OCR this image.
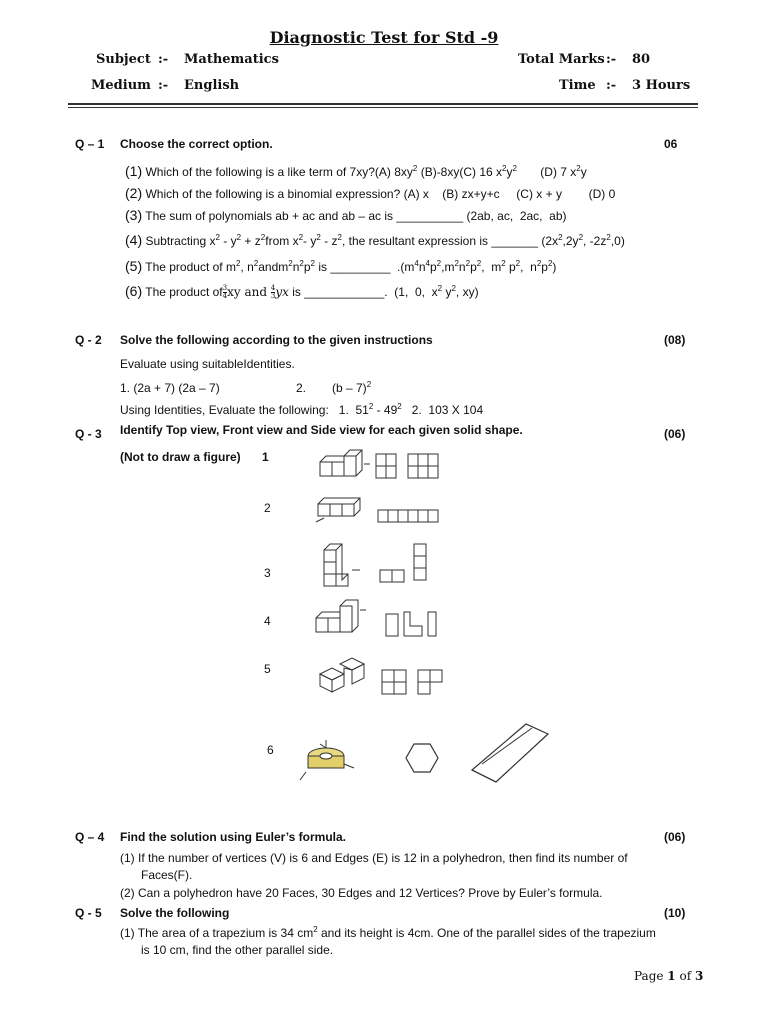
Diagnostic Test for Std -9
Subject :- Mathematics	Total Marks :- 80
Medium :- English	Time :- 3 Hours
Q – 1 Choose the correct option.	06
(1) Which of the following is a like term of 7xy?(A) $8xy^2$ (B)-8xy(C) 16 $x^2y^2$       (D) 7 $x^2y$
(2) Which of the following is a binomial expression? (A) x    (B) zx+y+c     (C) x + y        (D) 0
(3) The sum of polynomials ab + ac and ab – ac is __________ (2ab, ac,  2ac,  ab)
(4) Subtracting $x^2 - y^2$ + $z^2from$ $x^2-$ $y^2 - z^2$, the resultant expression is _______ ($2x^2,2y^2$, $-2z^2,0$)
(5) The product of $m^2$, $n^2andm^2n^2p^2$ is _________  $.(m^4n^4p^2,m^2n^2p^2$,  $m^2$ $p^2$,  $n^2p^2$)
(6) The product of $\frac{3}{4}$ xy and $\frac{4}{3}$ yx is ____________.  (1,  0,  $x^2$ $y^2$, xy)
Q - 2 Solve the following according to the given instructions	(08)
Evaluate using suitableIdentities.
1. (2a + 7) (2a – 7)	2. (b – 7)$^2$
Using Identities, Evaluate the following:   1.  $51^2 - 49^2$   2.  103 X 104
Q - 3 Identify Top view, Front view and Side view for each given solid shape.	(06)
(Not to draw a figure) 1
2
3
4
5
6
Q – 4 Find the solution using Euler’s formula.	(06)
(1) If the number of vertices (V) is 6 and Edges (E) is 12 in a polyhedron, then find its number of
Faces(F).
(2) Can a polyhedron have 20 Faces, 30 Edges and 12 Vertices? Prove by Euler’s formula.
Q - 5 Solve the following	(10)
(1) The area of a trapezium is 34 $cm^2$ and its height is 4cm. One of the parallel sides of the trapezium
is 10 cm, find the other parallel side.
Page 1 of 3
